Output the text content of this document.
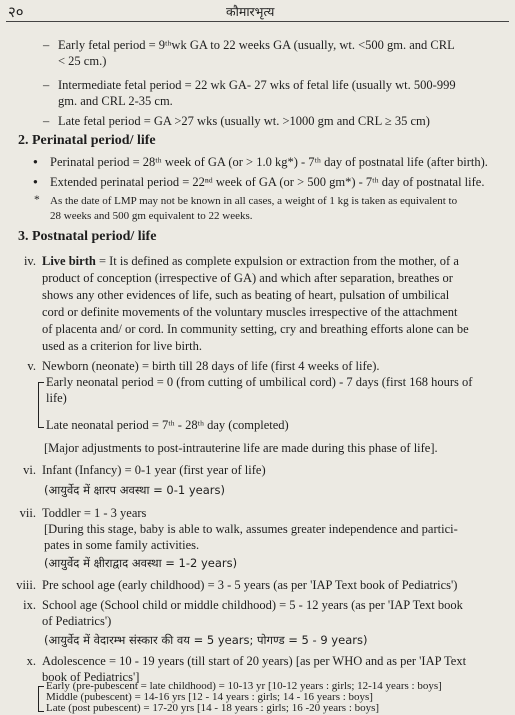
२०	कौमारभृत्य
– Early fetal period = 9ᵗʰwk GA to 22 weeks GA (usually, wt. <500 gm. and CRL
< 25 cm.)
– Intermediate fetal period = 22 wk GA- 27 wks of fetal life (usually wt. 500-999
gm. and CRL 2-35 cm.
– Late fetal period = GA >27 wks (usually wt. >1000 gm and CRL ≥ 35 cm)
2. Perinatal period/ life
● Perinatal period = 28ᵗʰ week of GA (or > 1.0 kg*) - 7ᵗʰ day of postnatal life (after birth).
● Extended perinatal period = 22ⁿᵈ week of GA (or > 500 gm*) - 7ᵗʰ day of postnatal life.
* As the date of LMP may not be known in all cases, a weight of 1 kg is taken as equivalent to
28 weeks and 500 gm equivalent to 22 weeks.
3. Postnatal period/ life
iv. Live birth = It is defined as complete expulsion or extraction from the mother, of a
product of conception (irrespective of GA) and which after separation, breathes or
shows any other evidences of life, such as beating of heart, pulsation of umbilical
cord or definite movements of the voluntary muscles irrespective of the attachment
of placenta and/ or cord. In community setting, cry and breathing efforts alone can be
used as a criterion for live birth.
v. Newborn (neonate) = birth till 28 days of life (first 4 weeks of life).
Early neonatal period = 0 (from cutting of umbilical cord) - 7 days (first 168 hours of
life)
Late neonatal period = 7ᵗʰ - 28ᵗʰ day (completed)
[Major adjustments to post-intrauterine life are made during this phase of life].
vi. Infant (Infancy) = 0-1 year (first year of life)
(आयुर्वेद में क्षारप अवस्था = 0-1 years)
vii. Toddler = 1 - 3 years
[During this stage, baby is able to walk, assumes greater independence and partici-
pates in some family activities.
(आयुर्वेद में क्षीराद्वाद अवस्था = 1-2 years)
viii. Pre school age (early childhood) = 3 - 5 years (as per 'IAP Text book of Pediatrics')
ix. School age (School child or middle childhood) = 5 - 12 years (as per 'IAP Text book
of Pediatrics')
(आयुर्वेद में वेदारम्भ संस्कार की वय = 5 years; पोगण्ड = 5 - 9 years)
x. Adolescence = 10 - 19 years (till start of 20 years) [as per WHO and as per 'IAP Text
book of Pediatrics']
Early (pre-pubescent = late childhood) = 10-13 yr [10-12 years : girls; 12-14 years : boys]
Middle (pubescent) = 14-16 yrs [12 - 14 years : girls; 14 - 16 years : boys]
Late (post pubescent) = 17-20 yrs [14 - 18 years : girls; 16 -20 years : boys]
